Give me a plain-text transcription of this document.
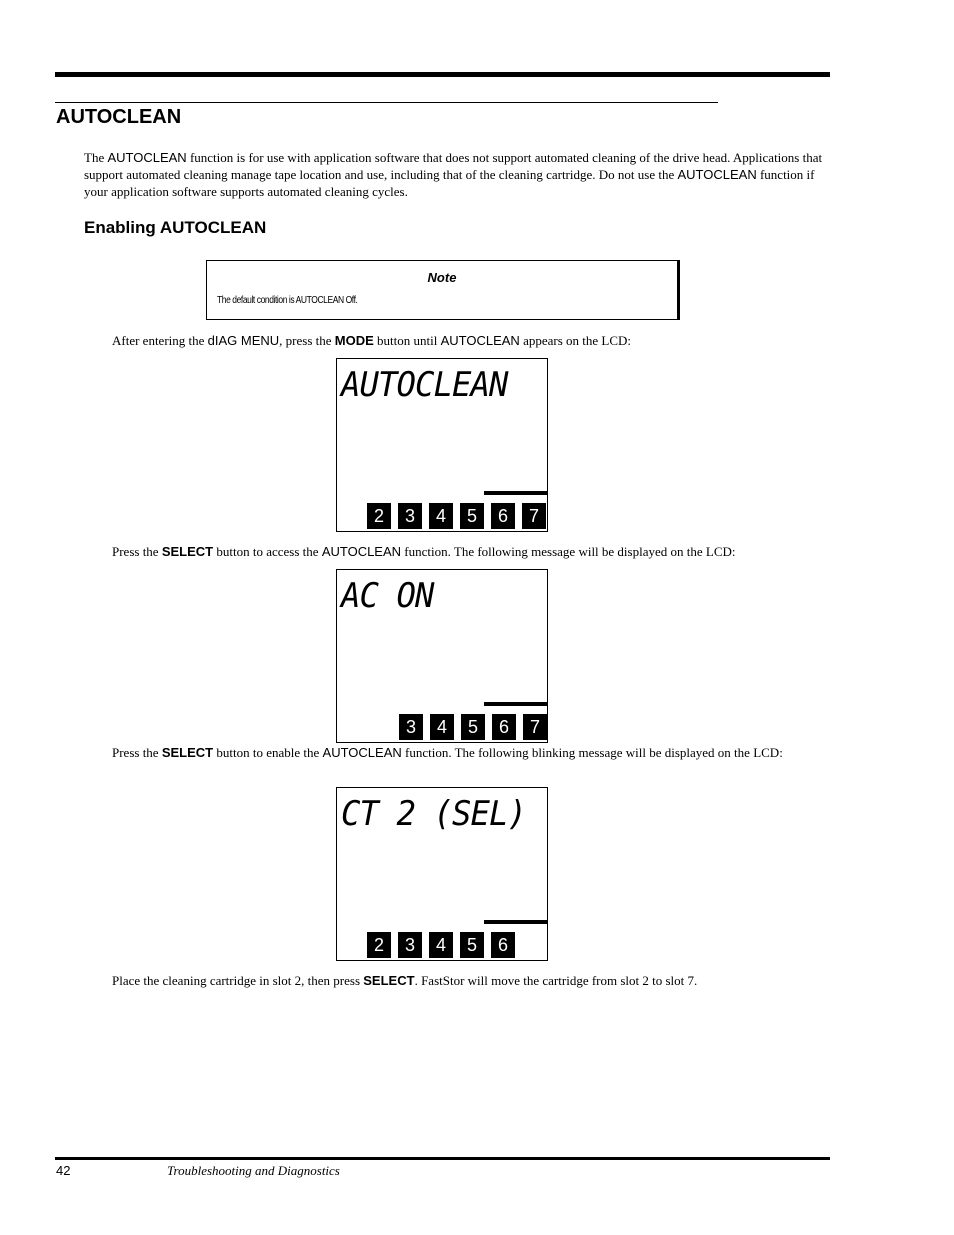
AUTOCLEAN

The AUTOCLEAN function is for use with application software that does not support automated cleaning of the drive head. Applications that support automated cleaning manage tape location and use, including that of the cleaning cartridge. Do not use the AUTOCLEAN function if your application software supports automated cleaning cycles.

Enabling AUTOCLEAN
Note
The default condition is AUTOCLEAN Off.

After entering the dIAG MENU, press the MODE button until AUTOCLEAN appears on the LCD:

AUTOCLEAN
2	3	4	5	6	7

Press the SELECT button to access the AUTOCLEAN function. The following message will be displayed on the LCD:

AC ON
3	4	5	6	7

Press the SELECT button to enable the AUTOCLEAN function. The following blinking message will be displayed on the LCD:

CT 2 (SEL)
2	3	4	5	6

Place the cleaning cartridge in slot 2, then press SELECT. FastStor will move the cartridge from slot 2 to slot 7.

42	Troubleshooting and Diagnostics
